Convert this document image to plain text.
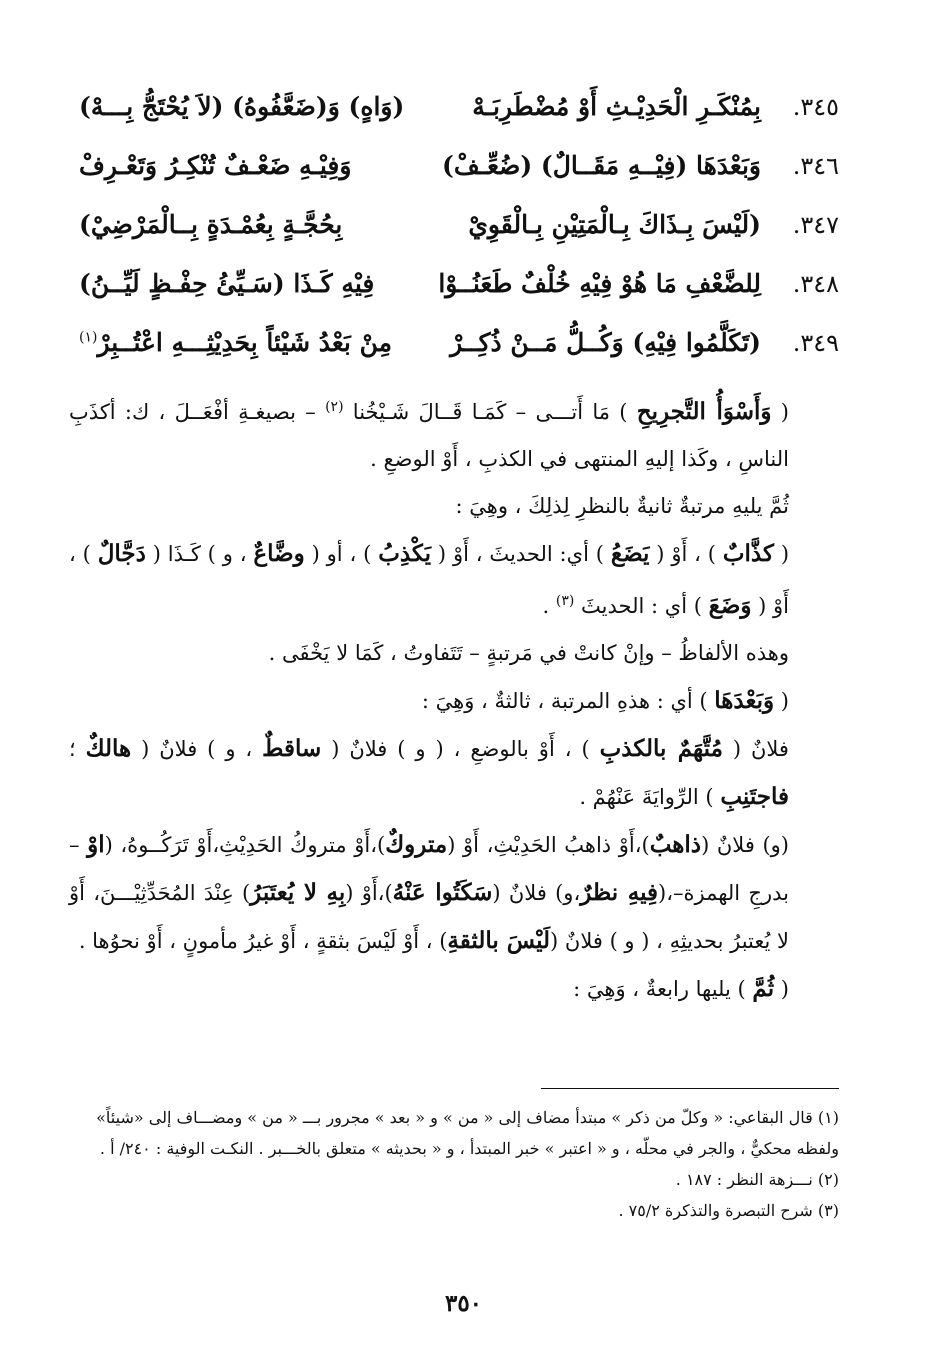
٣٤٥.
بِمُنْكَـرِ الْحَدِيْـثِ أَوْ مُضْطَرِبَـهْ
(وَاهٍ) وَ(ضَعَّفُوهُ) (لاَ يُحْتَجُّ بِـــهْ)
٣٤٦.
وَبَعْدَهَا (فِيْــهِ مَقَــالٌ) (ضُعِّـفْ)
وَفِيْـهِ ضَعْـفٌ تُنْكِـرُ وَتَعْـرِفْ
٣٤٧.
(لَيْسَ بِـذَاكَ بِـالْمَتِيْنِ بِـالْقَوِيْ
بِحُجَّـةٍ بِعُمْـدَةٍ بِــالْمَرْضِيْ)
٣٤٨.
لِلضَّعْفِ مَا هُوْ فِيْهِ خُلْفٌ طَعَنُــوْا
فِيْهِ كَـذَا (سَـيِّئُ حِفْـظٍ لَيِّــنُ)
٣٤٩.
(تَكَلَّمُوا فِيْهِ) وَكُــلُّ مَــنْ ذُكِــرْ
مِنْ بَعْدُ شَيْئاً بِحَدِيْثِـــهِ اعْتُــبِرْ$^{(١)}$

( وَأَسْوَأُ التَّجرِيحِ ) مَا أَتـــى – كَمَـا قَــالَ شَـيْخُنا $^{(٢)}$ – بصيغـةِ أفْعَــلَ ، ك: أكذَبِ الناسِ ، وكَذا إليهِ المنتهى في الكذبِ ، أَوْ الوضعِ .

ثُمَّ يليهِ مرتبةٌ ثانيةٌ بالنظرِ لِذلِكَ ، وهِيَ :

( كذَّابٌ ) ، أَوْ ( يَضَعُ ) أي: الحديثَ ، أَوْ ( يَكْذِبُ ) ، أو ( وضَّاعٌ ، و ) كَـذَا ( دَجَّالٌ ) ، أَوْ ( وَضَعَ ) أي : الحديثَ $^{(٣)}$ .

وهذه الألفاظُ – وإنْ كانتْ في مَرتبةٍ – تَتَفاوتُ ، كَمَا لا يَخْفَى .

( وَبَعْدَهَا ) أي : هذهِ المرتبة ، ثالثةٌ ، وَهِيَ :

فلانٌ ( مُتَّهَمٌ بالكذبِ ) ، أَوْ بالوضعِ ، ( و ) فلانٌ ( ساقطٌ ، و ) فلانٌ ( هالكٌ ؛ فاجتَنِبِ ) الرِّوايَةَ عَنْهُمْ .

(و) فلانٌ (ذاهبٌ)،أَوْ ذاهبُ الحَدِيْثِ، أَوْ (متروكٌ)،أَوْ متروكُ الحَدِيْثِ،أَوْ تَرَكُــوهُ، (اوْ –بدرجِ الهمزة–،(فِيهِ نظرٌ،و) فلانٌ (سَكَتُوا عَنْهُ)،أَوْ (بِهِ لا يُعتَبَرُ) عِنْدَ المُحَدِّثِيْـــنَ، أَوْ لا يُعتبرُ بحديثِهِ ، ( و ) فلانٌ (لَيْسَ بالثقةِ) ، أَوْ لَيْسَ بثقةٍ ، أَوْ غيرُ مأمونٍ ، أَوْ نحوُها .

( ثُمَّ ) يليها رابعةٌ ، وَهِيَ :

(١) قال البقاعي: « وكلّ من ذكر » مبتدأ مضاف إلى « من » و « بعد » مجرور بـــ « من » ومضـــاف إلى «شيئاً» ولفظه محكيٌّ ، والجر في محلّه ، و « اعتبر » خبر المبتدأ ، و « بحديثه » متعلق بالخـــبر . النكـت الوفية : ٢٤٠/ أ .

(٢) نـــزهة النظر : ١٨٧ .

(٣) شرح التبصرة والتذكرة ٧٥/٢ .

٣٥٠
